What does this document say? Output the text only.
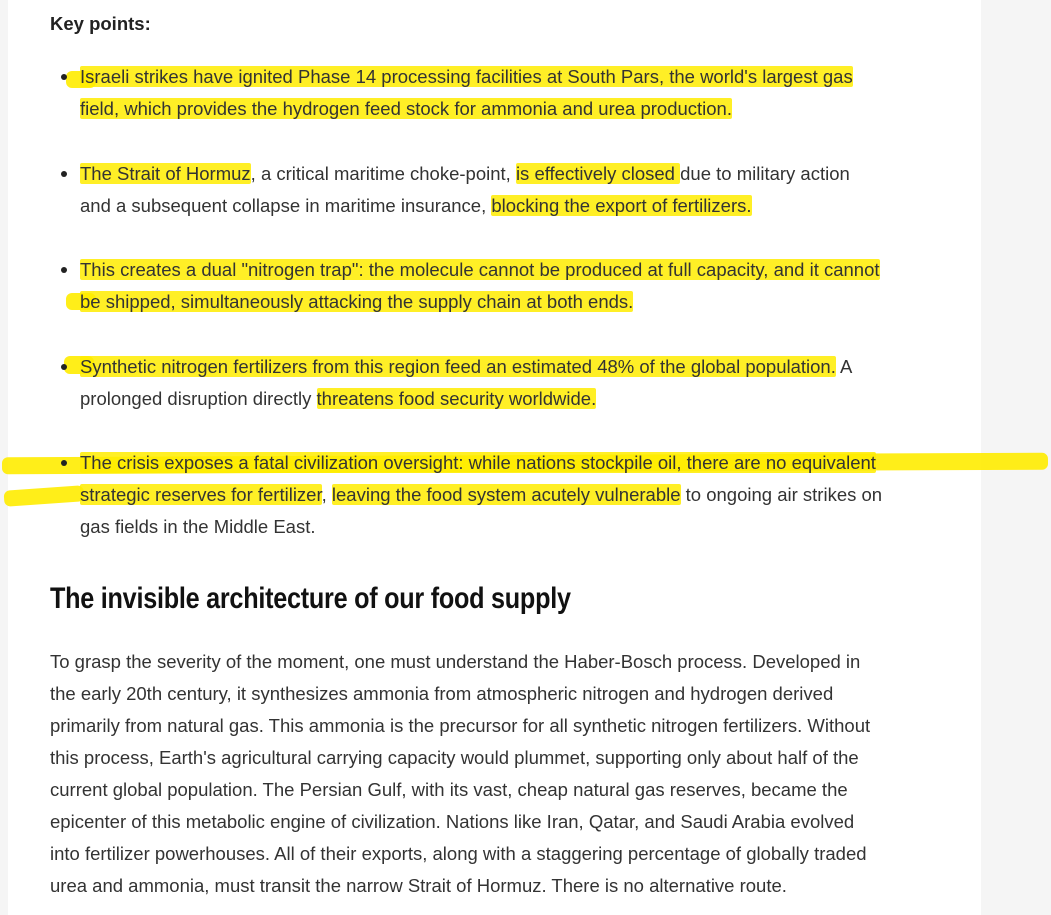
Key points:

Israeli strikes have ignited Phase 14 processing facilities at South Pars, the world's largest gas
field, which provides the hydrogen feed stock for ammonia and urea production.
The Strait of Hormuz, a critical maritime choke-point, is effectively closed due to military action
and a subsequent collapse in maritime insurance, blocking the export of fertilizers.
This creates a dual "nitrogen trap": the molecule cannot be produced at full capacity, and it cannot
be shipped, simultaneously attacking the supply chain at both ends.
Synthetic nitrogen fertilizers from this region feed an estimated 48% of the global population. A
prolonged disruption directly threatens food security worldwide.
The crisis exposes a fatal civilization oversight: while nations stockpile oil, there are no equivalent
strategic reserves for fertilizer, leaving the food system acutely vulnerable to ongoing air strikes on
gas fields in the Middle East.
The invisible architecture of our food supply

To grasp the severity of the moment, one must understand the Haber-Bosch process. Developed in
the early 20th century, it synthesizes ammonia from atmospheric nitrogen and hydrogen derived
primarily from natural gas. This ammonia is the precursor for all synthetic nitrogen fertilizers. Without
this process, Earth's agricultural carrying capacity would plummet, supporting only about half of the
current global population. The Persian Gulf, with its vast, cheap natural gas reserves, became the
epicenter of this metabolic engine of civilization. Nations like Iran, Qatar, and Saudi Arabia evolved
into fertilizer powerhouses. All of their exports, along with a staggering percentage of globally traded
urea and ammonia, must transit the narrow Strait of Hormuz. There is no alternative route.
